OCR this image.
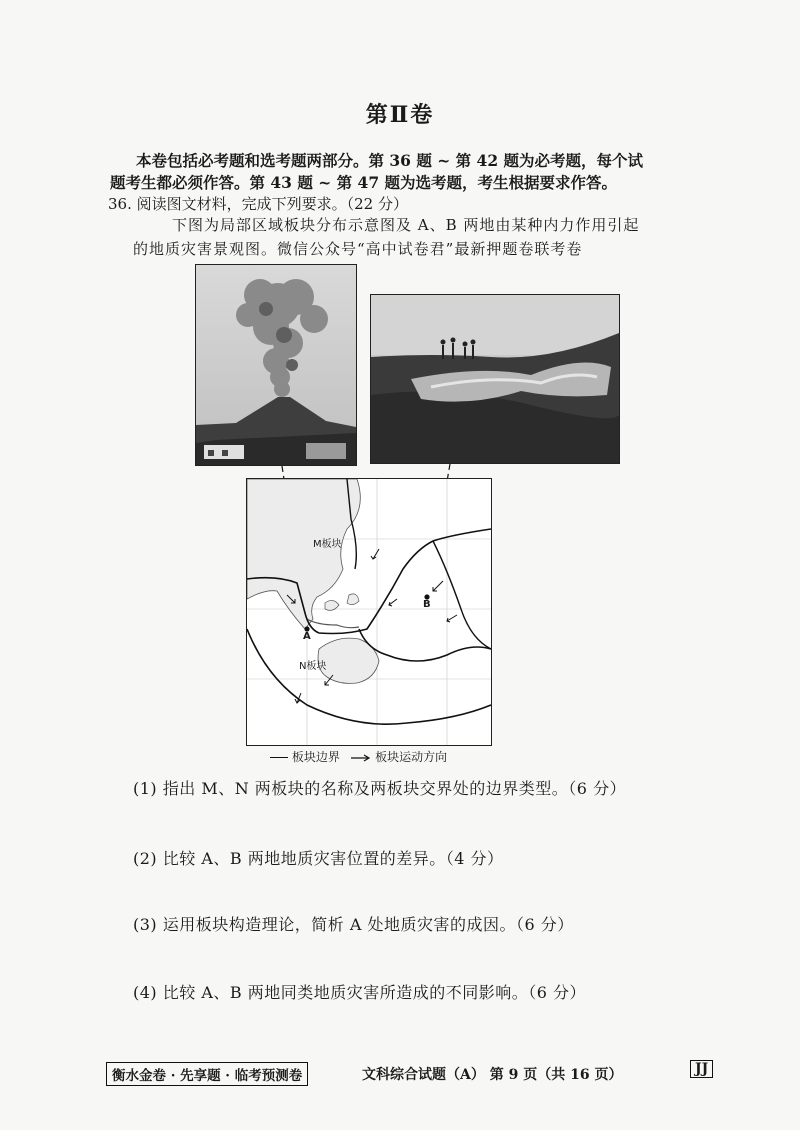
第Ⅱ卷
本卷包括必考题和选考题两部分。第 36 题 ~ 第 42 题为必考题，每个试
题考生都必须作答。第 43 题 ~ 第 47 题为选考题，考生根据要求作答。
36. 阅读图文材料，完成下列要求。（22 分）
下图为局部区域板块分布示意图及 A、B 两地由某种内力作用引起
的地质灾害景观图。微信公众号“高中试卷君”最新押题卷联考卷
M板块
N板块
A
B
板块边界	板块运动方向
(1) 指出 M、N 两板块的名称及两板块交界处的边界类型。（6 分）
(2) 比较 A、B 两地地质灾害位置的差异。（4 分）
(3) 运用板块构造理论，简析 A 处地质灾害的成因。（6 分）
(4) 比较 A、B 两地同类地质灾害所造成的不同影响。（6 分）
衡水金卷 · 先享题 · 临考预测卷	文科综合试题（A） 第 9 页（共 16 页）	JJ
